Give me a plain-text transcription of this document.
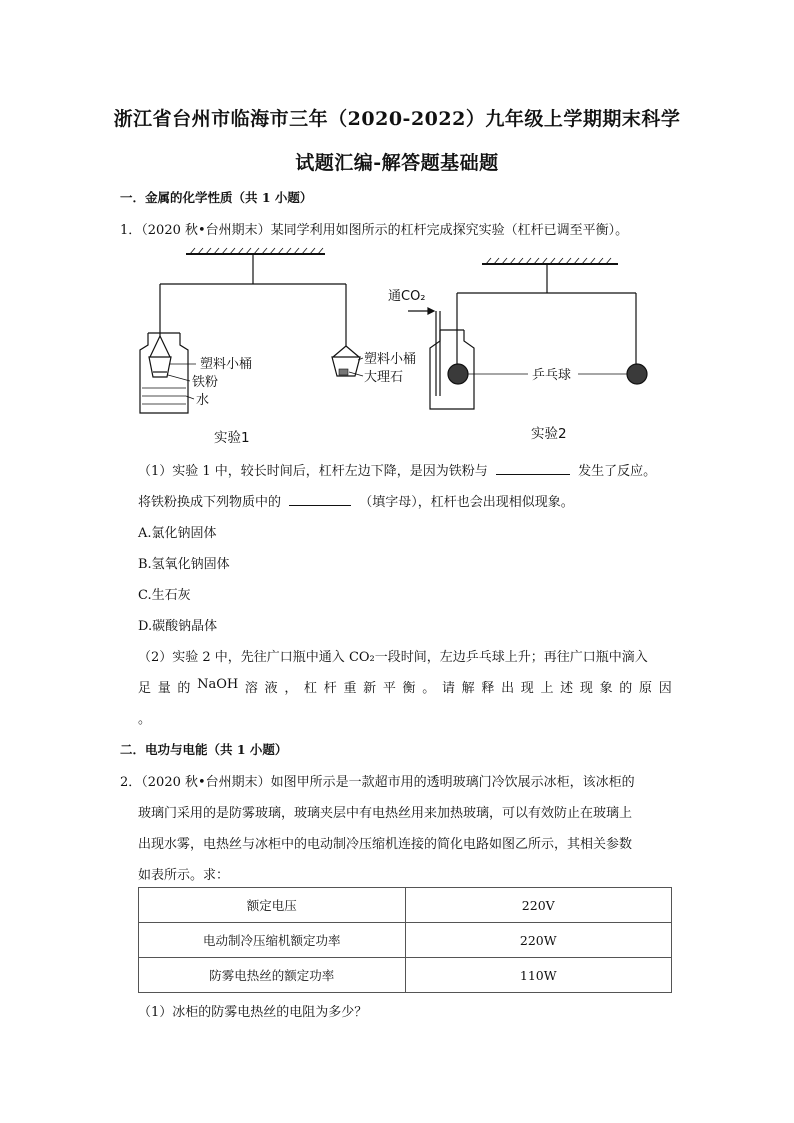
浙江省台州市临海市三年（2020-2022）九年级上学期期末科学
试题汇编-解答题基础题
一．金属的化学性质（共 1 小题）
1．（2020 秋•台州期末）某同学利用如图所示的杠杆完成探究实验（杠杆已调至平衡）。
塑料小桶
铁粉
水
塑料小桶
大理石
实验1
通CO₂
乒乓球
实验2
（1）实验 1 中，较长时间后，杠杆左边下降，是因为铁粉与	发生了反应。
将铁粉换成下列物质中的	（填字母），杠杆也会出现相似现象。
A.氯化钠固体
B.氢氧化钠固体
C.生石灰
D.碳酸钠晶体
（2）实验 2 中，先往广口瓶中通入 CO₂一段时间，左边乒乓球上升；再往广口瓶中滴入
足 量 的 NaOH 溶 液 ， 杠 杆 重 新 平 衡 。 请 解 释 出 现 上 述 现 象 的 原 因
。
二．电功与电能（共 1 小题）
2．（2020 秋•台州期末）如图甲所示是一款超市用的透明玻璃门冷饮展示冰柜，该冰柜的
玻璃门采用的是防雾玻璃，玻璃夹层中有电热丝用来加热玻璃，可以有效防止在玻璃上
出现水雾，电热丝与冰柜中的电动制冷压缩机连接的简化电路如图乙所示，其相关参数
如表所示。求：
额定电压	220V
电动制冷压缩机额定功率	220W
防雾电热丝的额定功率	110W
（1）冰柜的防雾电热丝的电阻为多少？
